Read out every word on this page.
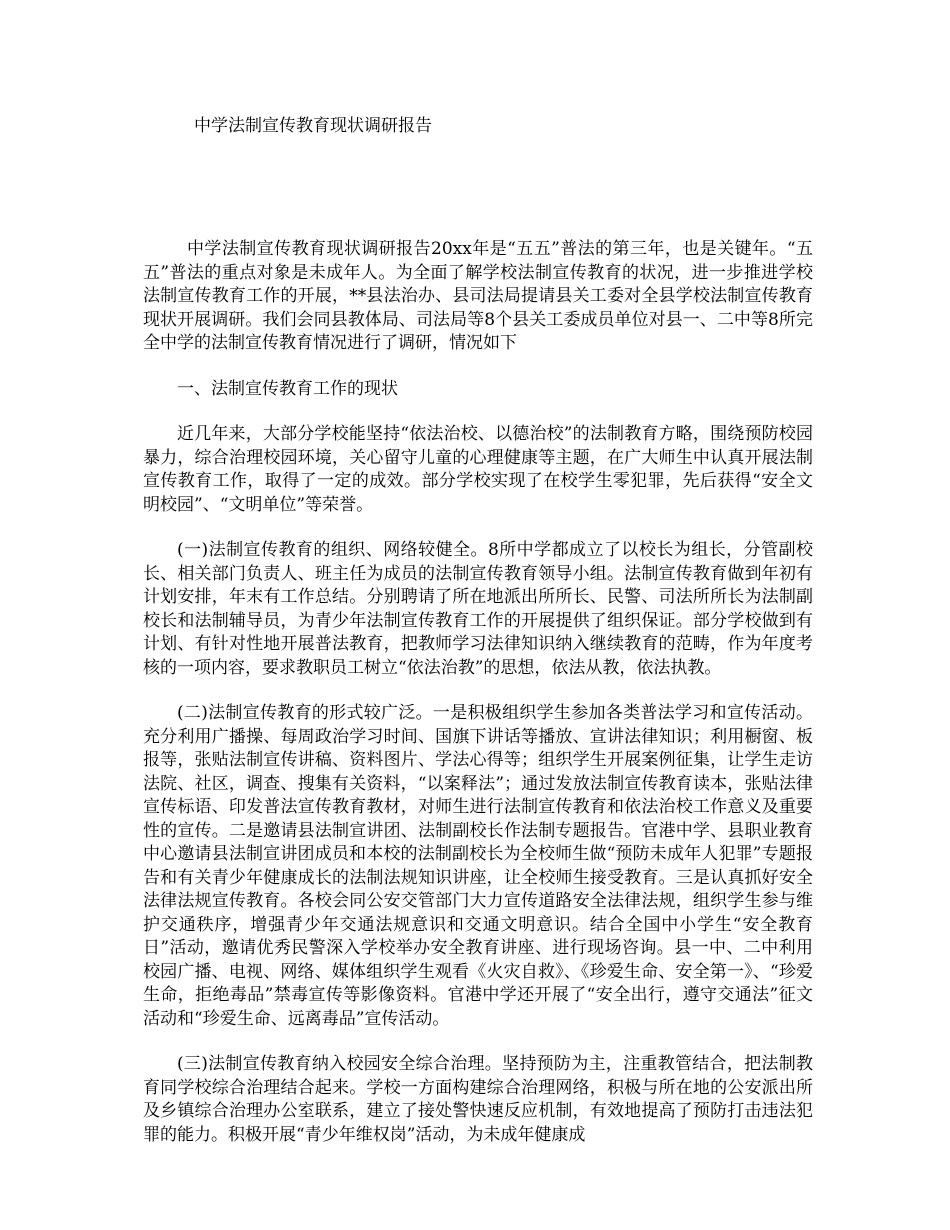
中学法制宣传教育现状调研报告

中学法制宣传教育现状调研报告20xx年是“五五”普法的第三年，也是关键年。“五五”普法的重点对象是未成年人。为全面了解学校法制宣传教育的状况，进一步推进学校法制宣传教育工作的开展，**县法治办、县司法局提请县关工委对全县学校法制宣传教育现状开展调研。我们会同县教体局、司法局等8个县关工委成员单位对县一、二中等8所完全中学的法制宣传教育情况进行了调研，情况如下

一、法制宣传教育工作的现状

近几年来，大部分学校能坚持“依法治校、以德治校”的法制教育方略，围绕预防校园暴力，综合治理校园环境，关心留守儿童的心理健康等主题，在广大师生中认真开展法制宣传教育工作，取得了一定的成效。部分学校实现了在校学生零犯罪，先后获得“安全文明校园”、“文明单位”等荣誉。

(一)法制宣传教育的组织、网络较健全。8所中学都成立了以校长为组长，分管副校长、相关部门负责人、班主任为成员的法制宣传教育领导小组。法制宣传教育做到年初有计划安排，年末有工作总结。分别聘请了所在地派出所所长、民警、司法所所长为法制副校长和法制辅导员，为青少年法制宣传教育工作的开展提供了组织保证。部分学校做到有计划、有针对性地开展普法教育，把教师学习法律知识纳入继续教育的范畴，作为年度考核的一项内容，要求教职员工树立“依法治教”的思想，依法从教，依法执教。

(二)法制宣传教育的形式较广泛。一是积极组织学生参加各类普法学习和宣传活动。充分利用广播操、每周政治学习时间、国旗下讲话等播放、宣讲法律知识；利用橱窗、板报等，张贴法制宣传讲稿、资料图片、学法心得等；组织学生开展案例征集，让学生走访法院、社区，调查、搜集有关资料，“以案释法”；通过发放法制宣传教育读本，张贴法律宣传标语、印发普法宣传教育教材，对师生进行法制宣传教育和依法治校工作意义及重要性的宣传。二是邀请县法制宣讲团、法制副校长作法制专题报告。官港中学、县职业教育中心邀请县法制宣讲团成员和本校的法制副校长为全校师生做“预防未成年人犯罪”专题报告和有关青少年健康成长的法制法规知识讲座，让全校师生接受教育。三是认真抓好安全法律法规宣传教育。各校会同公安交管部门大力宣传道路安全法律法规，组织学生参与维护交通秩序，增强青少年交通法规意识和交通文明意识。结合全国中小学生“安全教育日”活动，邀请优秀民警深入学校举办安全教育讲座、进行现场咨询。县一中、二中利用校园广播、电视、网络、媒体组织学生观看《火灾自救》、《珍爱生命、安全第一》、“珍爱生命，拒绝毒品”禁毒宣传等影像资料。官港中学还开展了“安全出行，遵守交通法”征文活动和“珍爱生命、远离毒品”宣传活动。

(三)法制宣传教育纳入校园安全综合治理。坚持预防为主，注重教管结合，把法制教育同学校综合治理结合起来。学校一方面构建综合治理网络，积极与所在地的公安派出所及乡镇综合治理办公室联系，建立了接处警快速反应机制，有效地提高了预防打击违法犯罪的能力。积极开展“青少年维权岗”活动，为未成年健康成
